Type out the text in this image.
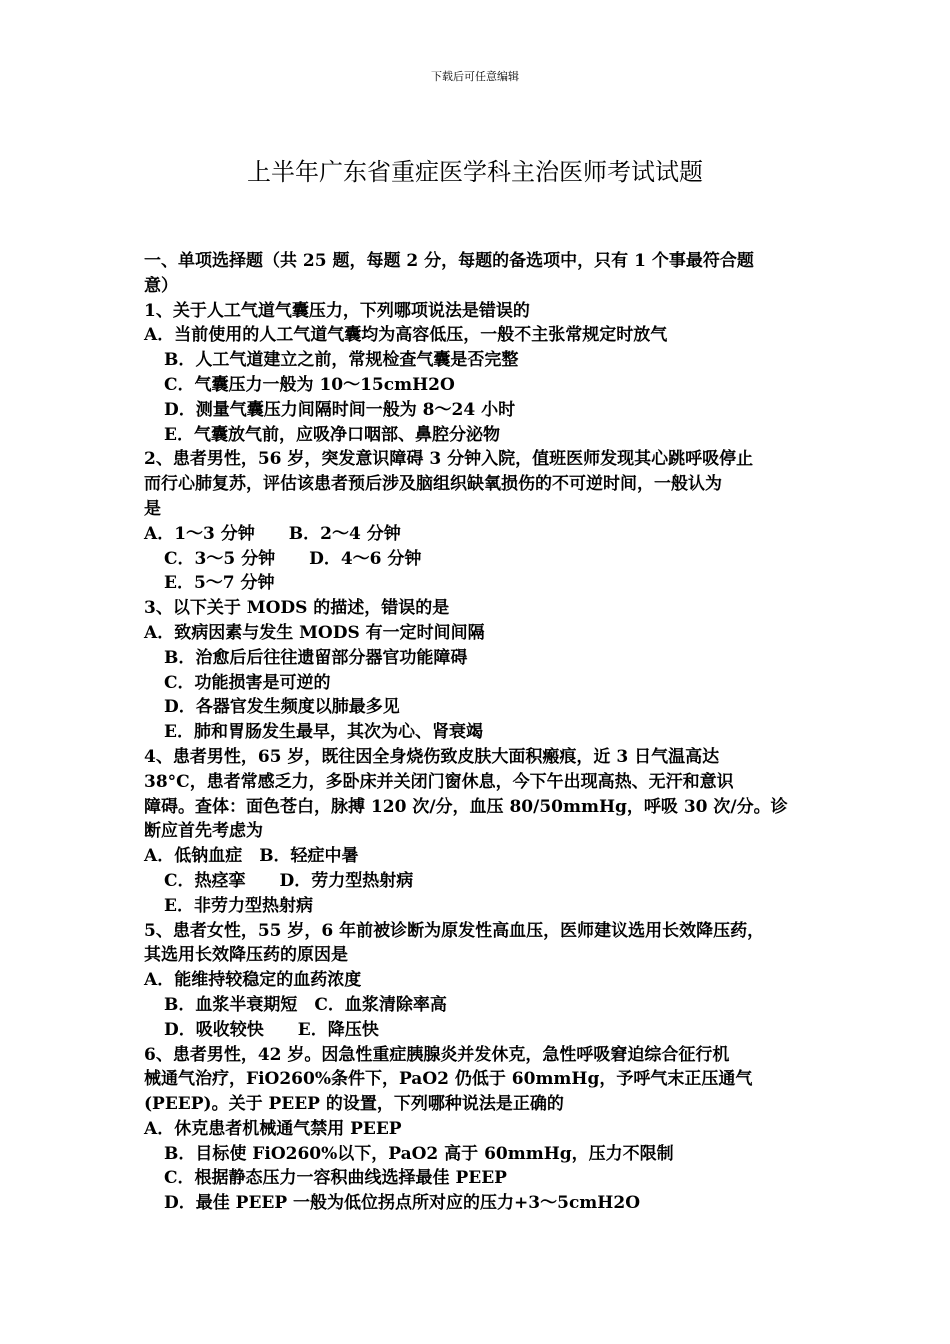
下载后可任意编辑
上半年广东省重症医学科主治医师考试试题
一、单项选择题（共 25 题，每题 2 分，每题的备选项中，只有 1 个事最符合题
意）
1、关于人工气道气囊压力，下列哪项说法是错误的
A．当前使用的人工气道气囊均为高容低压，一般不主张常规定时放气
B．人工气道建立之前，常规检查气囊是否完整
C．气囊压力一般为 10～15cmH2O
D．测量气囊压力间隔时间一般为 8～24 小时
E．气囊放气前，应吸净口咽部、鼻腔分泌物
2、患者男性，56 岁，突发意识障碍 3 分钟入院，值班医师发现其心跳呼吸停止
而行心肺复苏，评估该患者预后涉及脑组织缺氧损伤的不可逆时间，一般认为
是
A．1～3 分钟　　B．2～4 分钟
C．3～5 分钟　　D．4～6 分钟
E．5～7 分钟
3、以下关于 MODS 的描述，错误的是
A．致病因素与发生 MODS 有一定时间间隔
B．治愈后后往往遗留部分器官功能障碍
C．功能损害是可逆的
D．各器官发生频度以肺最多见
E．肺和胃肠发生最早，其次为心、肾衰竭
4、患者男性，65 岁，既往因全身烧伤致皮肤大面积瘢痕，近 3 日气温高达
38°C，患者常感乏力，多卧床并关闭门窗休息，今下午出现高热、无汗和意识
障碍。查体：面色苍白，脉搏 120 次/分，血压 80/50mmHg，呼吸 30 次/分。诊
断应首先考虑为
A．低钠血症　B．轻症中暑
C．热痉挛　　D．劳力型热射病
E．非劳力型热射病
5、患者女性，55 岁，6 年前被诊断为原发性高血压，医师建议选用长效降压药，
其选用长效降压药的原因是
A．能维持较稳定的血药浓度
B．血浆半衰期短　C．血浆清除率高
D．吸收较快　　E．降压快
6、患者男性，42 岁。因急性重症胰腺炎并发休克，急性呼吸窘迫综合征行机
械通气治疗，FiO260%条件下，PaO2 仍低于 60mmHg，予呼气末正压通气
(PEEP)。关于 PEEP 的设置，下列哪种说法是正确的
A．休克患者机械通气禁用 PEEP
B．目标使 FiO260%以下，PaO2 高于 60mmHg，压力不限制
C．根据静态压力一容积曲线选择最佳 PEEP
D．最佳 PEEP 一般为低位拐点所对应的压力+3～5cmH2O
